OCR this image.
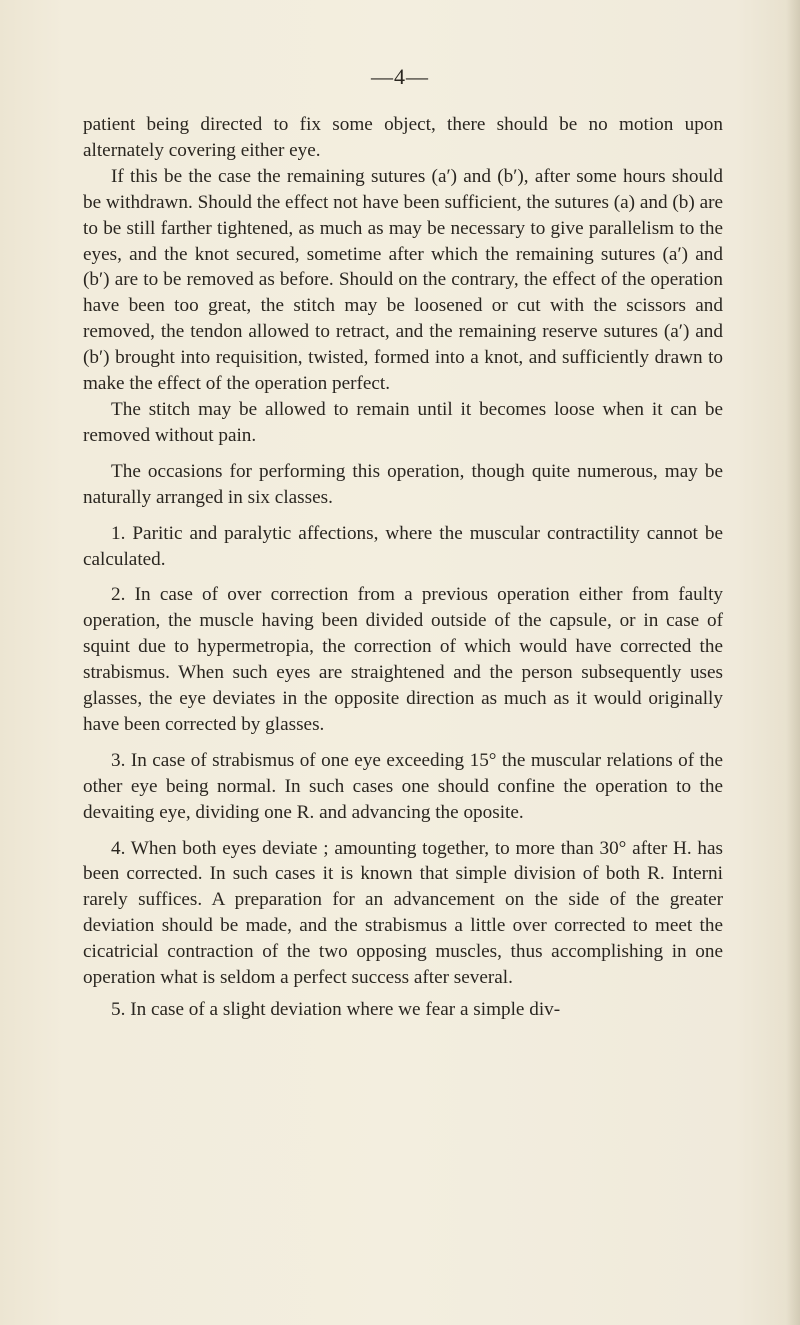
—4—

patient being directed to fix some object, there should be no motion upon alternately covering either eye.

If this be the case the remaining sutures (a′) and (b′), after some hours should be withdrawn. Should the effect not have been sufficient, the sutures (a) and (b) are to be still farther tightened, as much as may be necessary to give parallelism to the eyes, and the knot secured, sometime after which the remaining sutures (a′) and (b′) are to be removed as before. Should on the contrary, the effect of the operation have been too great, the stitch may be loosened or cut with the scissors and removed, the tendon allowed to retract, and the remaining reserve sutures (a′) and (b′) brought into requisition, twisted, formed into a knot, and sufficiently drawn to make the effect of the operation perfect.

The stitch may be allowed to remain until it becomes loose when it can be removed without pain.

The occasions for performing this operation, though quite numerous, may be naturally arranged in six classes.

1. Paritic and paralytic affections, where the muscular contractility cannot be calculated.

2. In case of over correction from a previous operation either from faulty operation, the muscle having been divided outside of the capsule, or in case of squint due to hypermetropia, the correction of which would have corrected the strabismus. When such eyes are straightened and the person subsequently uses glasses, the eye deviates in the opposite direction as much as it would originally have been corrected by glasses.

3. In case of strabismus of one eye exceeding 15° the muscular relations of the other eye being normal. In such cases one should confine the operation to the devaiting eye, dividing one R. and advancing the oposite.

4. When both eyes deviate ; amounting together, to more than 30° after H. has been corrected. In such cases it is known that simple division of both R. Interni rarely suffices. A preparation for an advancement on the side of the greater deviation should be made, and the strabismus a little over corrected to meet the cicatricial contraction of the two opposing muscles, thus accomplishing in one operation what is seldom a perfect success after several.

5. In case of a slight deviation where we fear a simple div-
